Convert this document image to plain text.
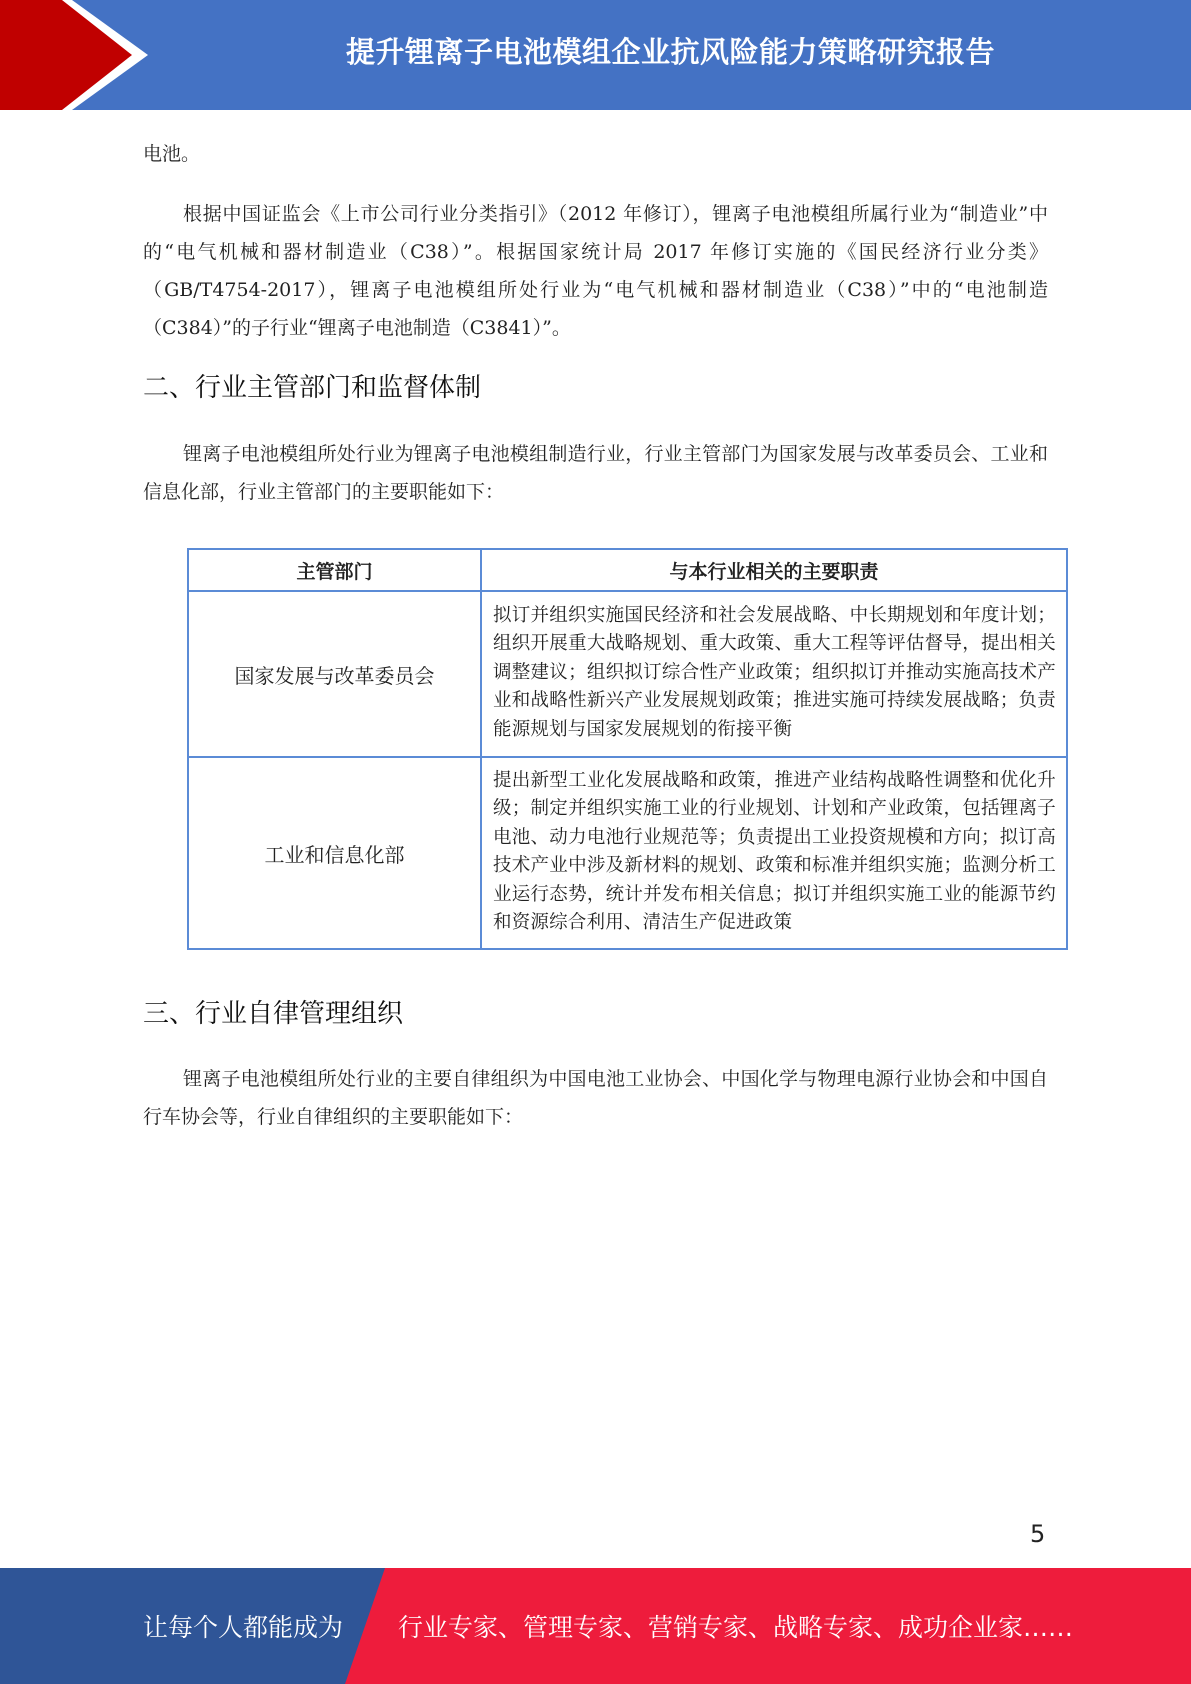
提升锂离子电池模组企业抗风险能力策略研究报告

电池。

根据中国证监会《上市公司行业分类指引》（2012 年修订），锂离子电池模组所属行业为“制造业”中的“电气机械和器材制造业（C38）”。根据国家统计局 2017 年修订实施的《国民经济行业分类》（GB/T4754-2017），锂离子电池模组所处行业为“电气机械和器材制造业（C38）”中的“电池制造（C384）”的子行业“锂离子电池制造（C3841）”。

二、行业主管部门和监督体制

锂离子电池模组所处行业为锂离子电池模组制造行业，行业主管部门为国家发展与改革委员会、工业和信息化部，行业主管部门的主要职能如下：

主管部门	与本行业相关的主要职责
国家发展与改革委员会	拟订并组织实施国民经济和社会发展战略、中长期规划和年度计划；组织开展重大战略规划、重大政策、重大工程等评估督导，提出相关调整建议；组织拟订综合性产业政策；组织拟订并推动实施高技术产业和战略性新兴产业发展规划政策；推进实施可持续发展战略；负责能源规划与国家发展规划的衔接平衡
工业和信息化部	提出新型工业化发展战略和政策，推进产业结构战略性调整和优化升级；制定并组织实施工业的行业规划、计划和产业政策，包括锂离子电池、动力电池行业规范等；负责提出工业投资规模和方向；拟订高技术产业中涉及新材料的规划、政策和标准并组织实施；监测分析工业运行态势，统计并发布相关信息；拟订并组织实施工业的能源节约和资源综合利用、清洁生产促进政策
三、行业自律管理组织

锂离子电池模组所处行业的主要自律组织为中国电池工业协会、中国化学与物理电源行业协会和中国自行车协会等，行业自律组织的主要职能如下：

5
让每个人都能成为 行业专家、管理专家、营销专家、战略专家、成功企业家……
